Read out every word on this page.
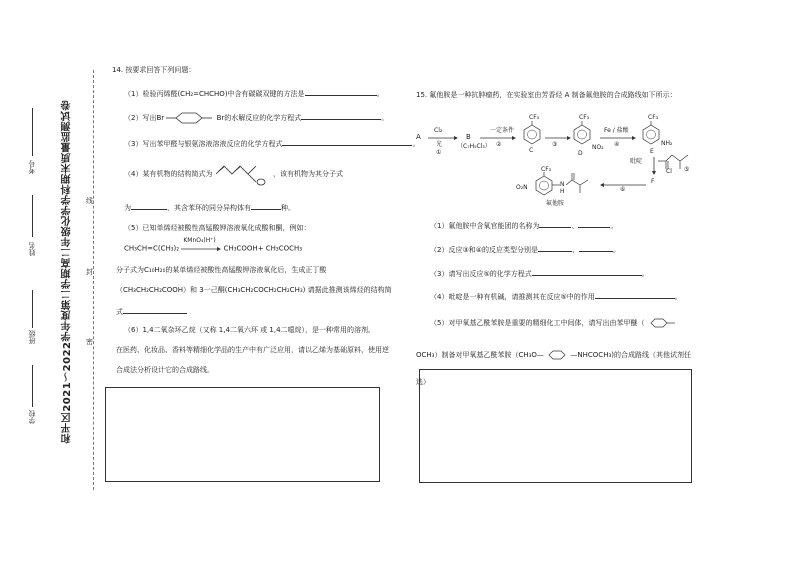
学校
班级
姓名
考号	和平区2021～2022学年度第二学期高二年级化学学科期末质量监测试卷 线
封
密
14. 按要求回答下列问题：
（1）检验丙烯醛(CH₂=CHCHO)中含有碳碳双键的方法是	。
（2）写出Br	Br的水解反应的化学方程式	。
（3）写出苯甲醛与银氨溶液溶液反应的化学方程式	。
（4）某有机物的结构简式为	，该有机物为其分子式
为	，其含苯环的同分异构体有	种。
（5）已知单烯烃被酸性高锰酸钾溶液氧化成酸和酮，例如：
CH₃CH=C(CH₃)₂
KMnO₄(H⁺)
CH₃COOH+ CH₃COCH₃
分子式为C₁₀H₂₀的某单烯烃被酸性高锰酸钾溶液氧化后，生成正丁酸
（CH₃CH₂CH₂COOH）和 3一己酮(CH₃CH₂COCH₂CH₂CH₃) 请据此推测该烯烃的结构简
式
（6）1,4二氧杂环乙烷（又称 1,4二氧六环 或 1,4二噁烷），是一种常用的溶剂,
在医药、化妆品、香料等精细化学品的生产中有广泛应用，请以乙烯为基础原料，使用逆
合成法分析设计它的合成路线。
15. 氟他胺是一种抗肿瘤药，在实验室由芳香烃 A 制备氟他胺的合成路线如下所示：
A
Cl₂
光
①
B
（C₇H₅Cl₃）
一定条件
②
CF₃
C
③
CF₃
NO₂
D
Fe / 盐酸
④
CF₃
NH₂
E
吡啶
Cl ⑤
F
⑥
CF₃
N
H
O₂N
氟他胺
（1）氟他胺中含氧官能团的名称为	、	。
（2）反应③和④的反应类型分别是	、	。
（3）请写出反应⑤的化学方程式	。
（4）吡啶是一种有机碱，请推测其在反应⑤中的作用	。
（5）对甲氧基乙酰苯胺是重要的精细化工中间体，请写出由苯甲醚（
OCH₃）制备对甲氧基乙酰苯胺（CH₃O—	—NHCOCH₃)的合成路线（其他试剂任
选）
